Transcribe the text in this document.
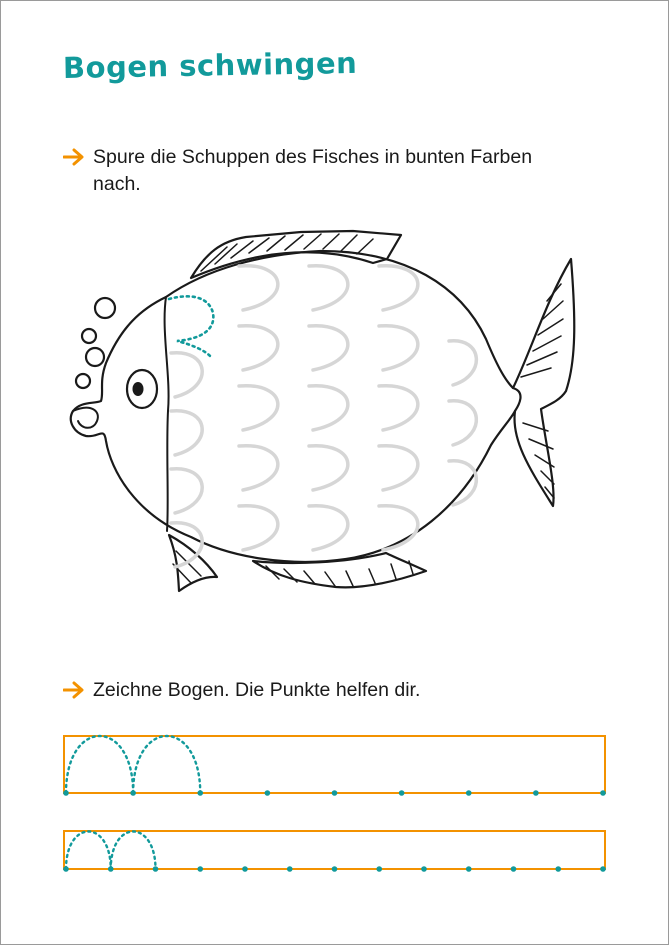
Bogen schwingen
Spure die Schuppen des Fisches in bunten Farben
nach.
Zeichne Bogen. Die Punkte helfen dir.
